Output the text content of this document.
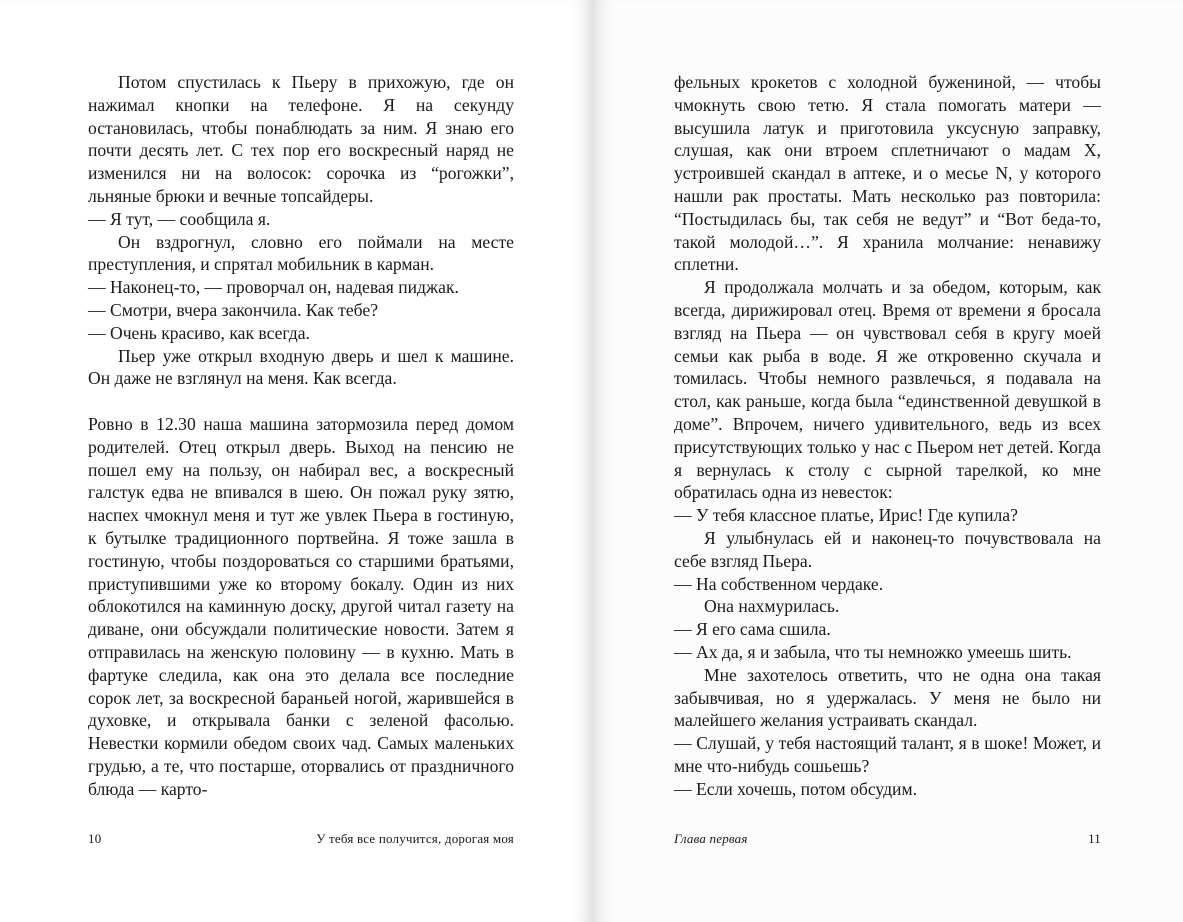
Потом спустилась к Пьеру в прихожую, где он нажимал кнопки на телефоне. Я на секунду остановилась, чтобы понаблюдать за ним. Я знаю его почти десять лет. С тех пор его воскресный наряд не изменился ни на волосок: сорочка из “рогожки”, льняные брюки и вечные топсайдеры.

— Я тут, — сообщила я.

Он вздрогнул, словно его поймали на месте преступления, и спрятал мобильник в карман.

— Наконец-то, — проворчал он, надевая пиджак.

— Смотри, вчера закончила. Как тебе?

— Очень красиво, как всегда.

Пьер уже открыл входную дверь и шел к машине. Он даже не взглянул на меня. Как всегда.

Ровно в 12.30 наша машина затормозила перед домом родителей. Отец открыл дверь. Выход на пенсию не пошел ему на пользу, он набирал вес, а воскресный галстук едва не впивался в шею. Он пожал руку зятю, наспех чмокнул меня и тут же увлек Пьера в гостиную, к бутылке традиционного портвейна. Я тоже зашла в гостиную, чтобы поздороваться со старшими братьями, приступившими уже ко второму бокалу. Один из них облокотился на каминную доску, другой читал газету на диване, они обсуждали политические новости. Затем я отправилась на женскую половину — в кухню. Мать в фартуке следила, как она это делала все последние сорок лет, за воскресной бараньей ногой, жарившейся в духовке, и открывала банки с зеленой фасолью. Невестки кормили обедом своих чад. Самых маленьких грудью, а те, что постарше, оторвались от праздничного блюда — карто-

10	У тебя все получится, дорогая моя

фельных крокетов с холодной бужениной, — чтобы чмокнуть свою тетю. Я стала помогать матери — высушила латук и приготовила уксусную заправку, слушая, как они втроем сплетничают о мадам X, устроившей скандал в аптеке, и о месье N, у которого нашли рак простаты. Мать несколько раз повторила: “Постыдилась бы, так себя не ведут” и “Вот беда-то, такой молодой…”. Я хранила молчание: ненавижу сплетни.

Я продолжала молчать и за обедом, которым, как всегда, дирижировал отец. Время от времени я бросала взгляд на Пьера — он чувствовал себя в кругу моей семьи как рыба в воде. Я же откровенно скучала и томилась. Чтобы немного развлечься, я подавала на стол, как раньше, когда была “единственной девушкой в доме”. Впрочем, ничего удивительного, ведь из всех присутствующих только у нас с Пьером нет детей. Когда я вернулась к столу с сырной тарелкой, ко мне обратилась одна из невесток:

— У тебя классное платье, Ирис! Где купила?

Я улыбнулась ей и наконец-то почувствовала на себе взгляд Пьера.

— На собственном чердаке.

Она нахмурилась.

— Я его сама сшила.

— Ах да, я и забыла, что ты немножко умеешь шить.

Мне захотелось ответить, что не одна она такая забывчивая, но я удержалась. У меня не было ни малейшего желания устраивать скандал.

— Слушай, у тебя настоящий талант, я в шоке! Может, и мне что-нибудь сошьешь?

— Если хочешь, потом обсудим.

Глава первая	11
